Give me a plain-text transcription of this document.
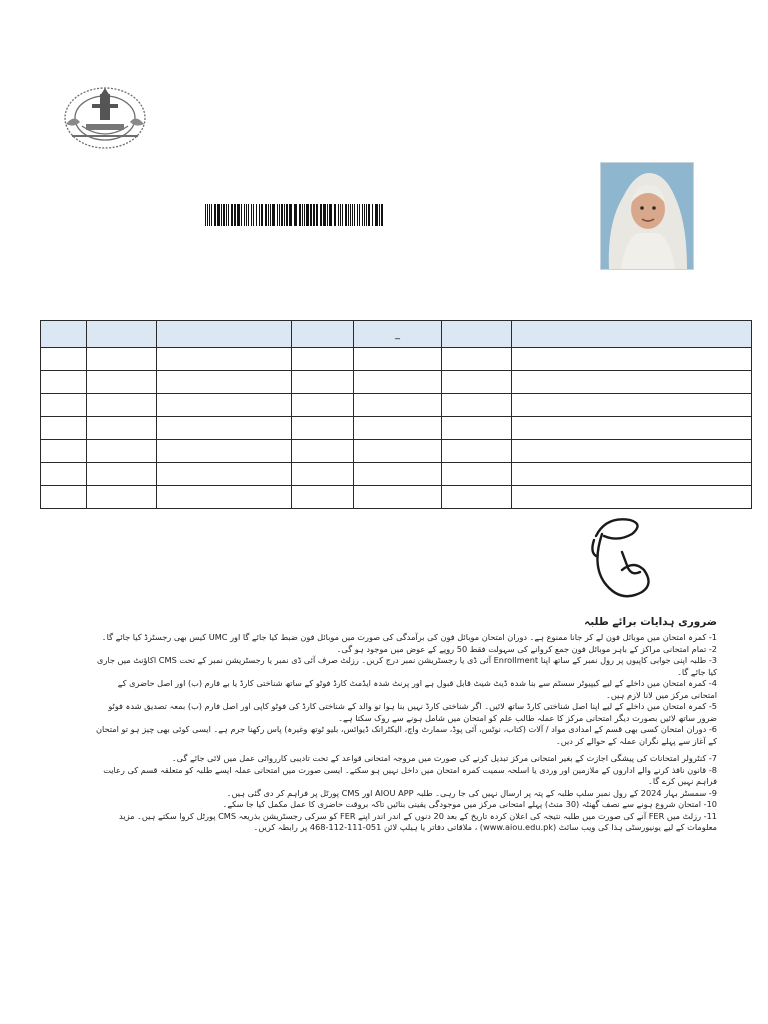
				_		

ضروری ہدایات برائے طلبہ
1- کمرہ امتحان میں موبائل فون لے کر جانا ممنوع ہے۔ دوران امتحان موبائل فون کی برآمدگی کی صورت میں موبائل فون ضبط کیا جائے گا اور UMC کیس بھی رجسٹرڈ کیا جائے گا۔
2- تمام امتحانی مراکز کے باہر موبائل فون جمع کروانے کی سہولت فقط 50 روپے کے عوض میں موجود ہو گی۔
3- طلبہ اپنی جوابی کاپیوں پر رول نمبر کے ساتھ اپنا Enrollment آئی ڈی یا رجسٹریشن نمبر درج کریں۔ رزلٹ صرف آئی ڈی نمبر یا رجسٹریشن نمبر کے تحت CMS اکاؤنٹ میں جاری کیا جائے گا۔
4- کمرہ امتحان میں داخلے کے لیے کیپیوٹر سسٹم سے بنا شدہ ڈیٹ شیٹ قابل قبول ہے اور پرنٹ شدہ ایڈمٹ کارڈ فوٹو کے ساتھ شناختی کارڈ یا بے فارم (ب) اور اصل حاضری کے امتحانی مرکز میں لانا لازم ہیں۔
5- کمرہ امتحان میں داخلے کے لیے اپنا اصل شناختی کارڈ ساتھ لائیں۔ اگر شناختی کارڈ نہیں بنا ہوا تو والد کے شناختی کارڈ کی فوٹو کاپی اور اصل فارم (ب) بمعہ تصدیق شدہ فوٹو ضرور ساتھ لائیں بصورت دیگر امتحانی مرکز کا عملہ طالب علم کو امتحان میں شامل ہونے سے روک سکتا ہے۔
6- دوران امتحان کسی بھی قسم کے امدادی مواد / آلات (کتاب، نوٹس، آئی پوڈ، سمارٹ واچ، الیکٹرانک ڈیوائس، بلیو ٹوتھ وغیرہ) پاس رکھنا جرم ہے۔ ایسی کوئی بھی چیز ہو تو امتحان کے آغاز سے پہلے نگران عملہ کے حوالے کر دیں۔
7- کنٹرولر امتحانات کی پیشگی اجازت کے بغیر امتحانی مرکز تبدیل کرنے کی صورت میں مروجہ امتحانی قواعد کے تحت تادیبی کارروائی عمل میں لائی جائے گی۔
8- قانون نافذ کرنے والے اداروں کے ملازمین اور وردی یا اسلحہ سمیت کمرہ امتحان میں داخل نہیں ہو سکتے۔ ایسی صورت میں امتحانی عملہ ایسے طلبہ کو متعلقہ قسم کی رعایت فراہم نہیں کرے گا۔
9- سمسٹر بہار 2024 کے رول نمبر سلپ طلبہ کے پتہ پر ارسال نہیں کی جا رہی۔ طلبہ AIOU APP اور CMS پورٹل پر فراہم کر دی گئی ہیں۔
10- امتحان شروع ہونے سے نصف گھنٹہ (30 منٹ) پہلے امتحانی مرکز میں موجودگی یقینی بنائیں تاکہ بروقت حاضری کا عمل مکمل کیا جا سکے۔
11- رزلٹ میں FER آنے کی صورت میں طلبہ نتیجہ کی اعلان کردہ تاریخ کے بعد 20 دنوں کے اندر اندر اپنے FER کو سرکی رجسٹریشن بذریعہ CMS پورٹل کروا سکتے ہیں۔ مزید معلومات کے لیے یونیورسٹی ہذا کی ویب سائٹ (www.aiou.edu.pk) ، ملاقاتی دفاتر یا ہیلپ لائن 051-111-112-468 پر رابطہ کریں۔
